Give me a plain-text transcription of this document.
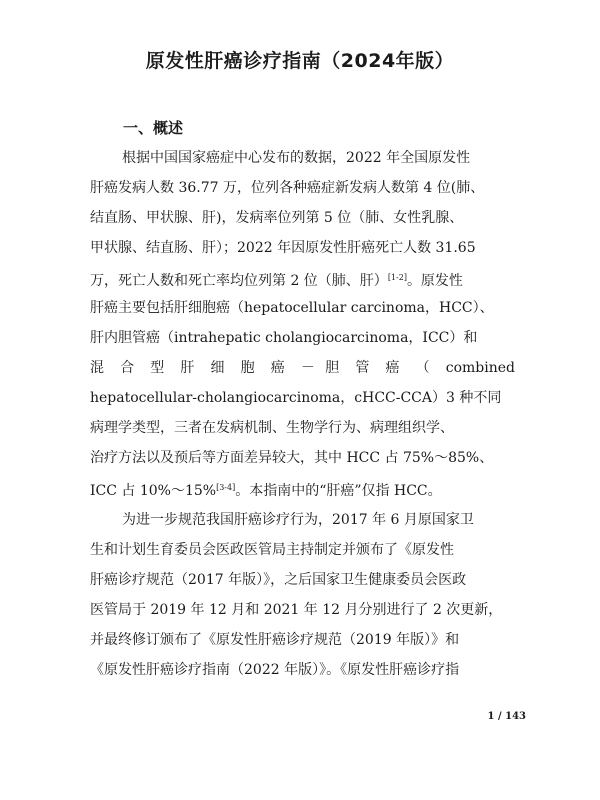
原发性肝癌诊疗指南（2024年版）
一、概述
根据中国国家癌症中心发布的数据，2022 年全国原发性
肝癌发病人数 36.77 万，位列各种癌症新发病人数第 4 位(肺、
结直肠、甲状腺、肝)，发病率位列第 5 位（肺、女性乳腺、
甲状腺、结直肠、肝）；2022 年因原发性肝癌死亡人数 31.65
万，死亡人数和死亡率均位列第 2 位（肺、肝）[1-2]。原发性
肝癌主要包括肝细胞癌（hepatocellular carcinoma，HCC）、
肝内胆管癌（intrahepatic cholangiocarcinoma，ICC）和
混 合 型 肝 细 胞 癌 － 胆 管 癌 （ combined
hepatocellular-cholangiocarcinoma，cHCC-CCA）3 种不同
病理学类型，三者在发病机制、生物学行为、病理组织学、
治疗方法以及预后等方面差异较大，其中 HCC 占 75%～85%、
ICC 占 10%～15%[3-4]。本指南中的“肝癌”仅指 HCC。
为进一步规范我国肝癌诊疗行为，2017 年 6 月原国家卫
生和计划生育委员会医政医管局主持制定并颁布了《原发性
肝癌诊疗规范（2017 年版）》，之后国家卫生健康委员会医政
医管局于 2019 年 12 月和 2021 年 12 月分别进行了 2 次更新，
并最终修订颁布了《原发性肝癌诊疗规范（2019 年版）》和
《原发性肝癌诊疗指南（2022 年版）》。《原发性肝癌诊疗指
1 / 143
